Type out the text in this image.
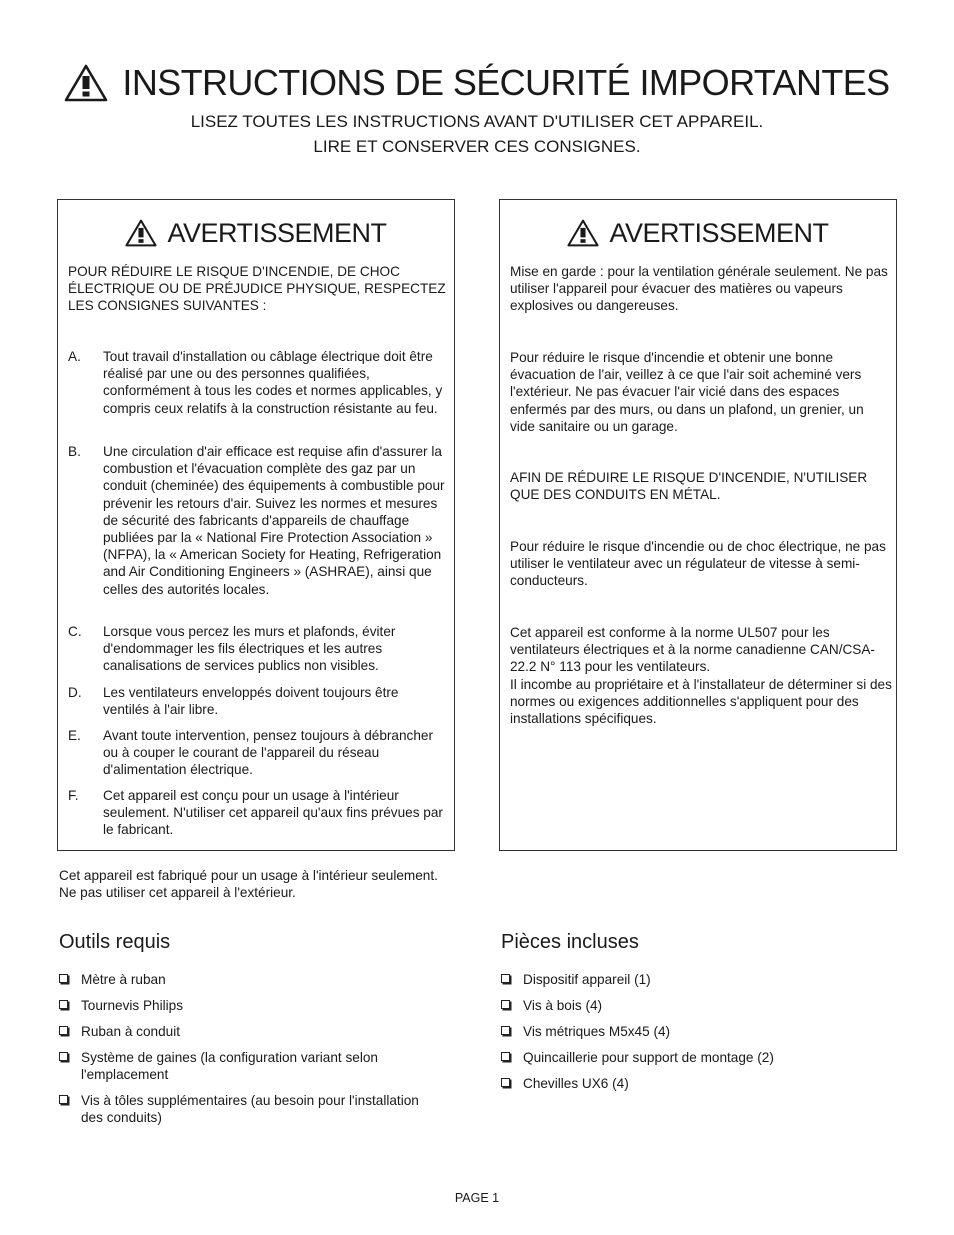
INSTRUCTIONS DE SÉCURITÉ IMPORTANTES
LISEZ TOUTES LES INSTRUCTIONS AVANT D'UTILISER CET APPAREIL.
LIRE ET CONSERVER CES CONSIGNES.
AVERTISSEMENT
POUR RÉDUIRE LE RISQUE D'INCENDIE, DE CHOC ÉLECTRIQUE OU DE PRÉJUDICE PHYSIQUE, RESPECTEZ LES CONSIGNES SUIVANTES :
A. Tout travail d'installation ou câblage électrique doit être réalisé par une ou des personnes qualifiées, conformément à tous les codes et normes applicables, y compris ceux relatifs à la construction résistante au feu.
B. Une circulation d'air efficace est requise afin d'assurer la combustion et l'évacuation complète des gaz par un conduit (cheminée) des équipements à combustible pour prévenir les retours d'air. Suivez les normes et mesures de sécurité des fabricants d'appareils de chauffage publiées par la « National Fire Protection Association » (NFPA), la « American Society for Heating, Refrigeration and Air Conditioning Engineers » (ASHRAE), ainsi que celles des autorités locales.
C. Lorsque vous percez les murs et plafonds, éviter d'endommager les fils électriques et les autres canalisations de services publics non visibles.
D. Les ventilateurs enveloppés doivent toujours être ventilés à l'air libre.
E. Avant toute intervention, pensez toujours à débrancher ou à couper le courant de l'appareil du réseau d'alimentation électrique.
F. Cet appareil est conçu pour un usage à l'intérieur seulement. N'utiliser cet appareil qu'aux fins prévues par le fabricant.
AVERTISSEMENT
Mise en garde : pour la ventilation générale seulement. Ne pas utiliser l'appareil pour évacuer des matières ou vapeurs explosives ou dangereuses.
Pour réduire le risque d'incendie et obtenir une bonne évacuation de l'air, veillez à ce que l'air soit acheminé vers l'extérieur. Ne pas évacuer l'air vicié dans des espaces enfermés par des murs, ou dans un plafond, un grenier, un vide sanitaire ou un garage.
AFIN DE RÉDUIRE LE RISQUE D'INCENDIE, N'UTILISER QUE DES CONDUITS EN MÉTAL.
Pour réduire le risque d'incendie ou de choc électrique, ne pas utiliser le ventilateur avec un régulateur de vitesse à semi-conducteurs.
Cet appareil est conforme à la norme UL507 pour les ventilateurs électriques et à la norme canadienne CAN/CSA-22.2 N° 113 pour les ventilateurs.
Il incombe au propriétaire et à l'installateur de déterminer si des normes ou exigences additionnelles s'appliquent pour des installations spécifiques.
Cet appareil est fabriqué pour un usage à l'intérieur seulement. Ne pas utiliser cet appareil à l'extérieur.
Outils requis
Mètre à ruban
Tournevis Philips
Ruban à conduit
Système de gaines (la configuration variant selon l'emplacement
Vis à tôles supplémentaires (au besoin pour l'installation des conduits)
Pièces incluses
Dispositif appareil (1)
Vis à bois (4)
Vis métriques M5x45 (4)
Quincaillerie pour support de montage (2)
Chevilles UX6 (4)
PAGE 1
